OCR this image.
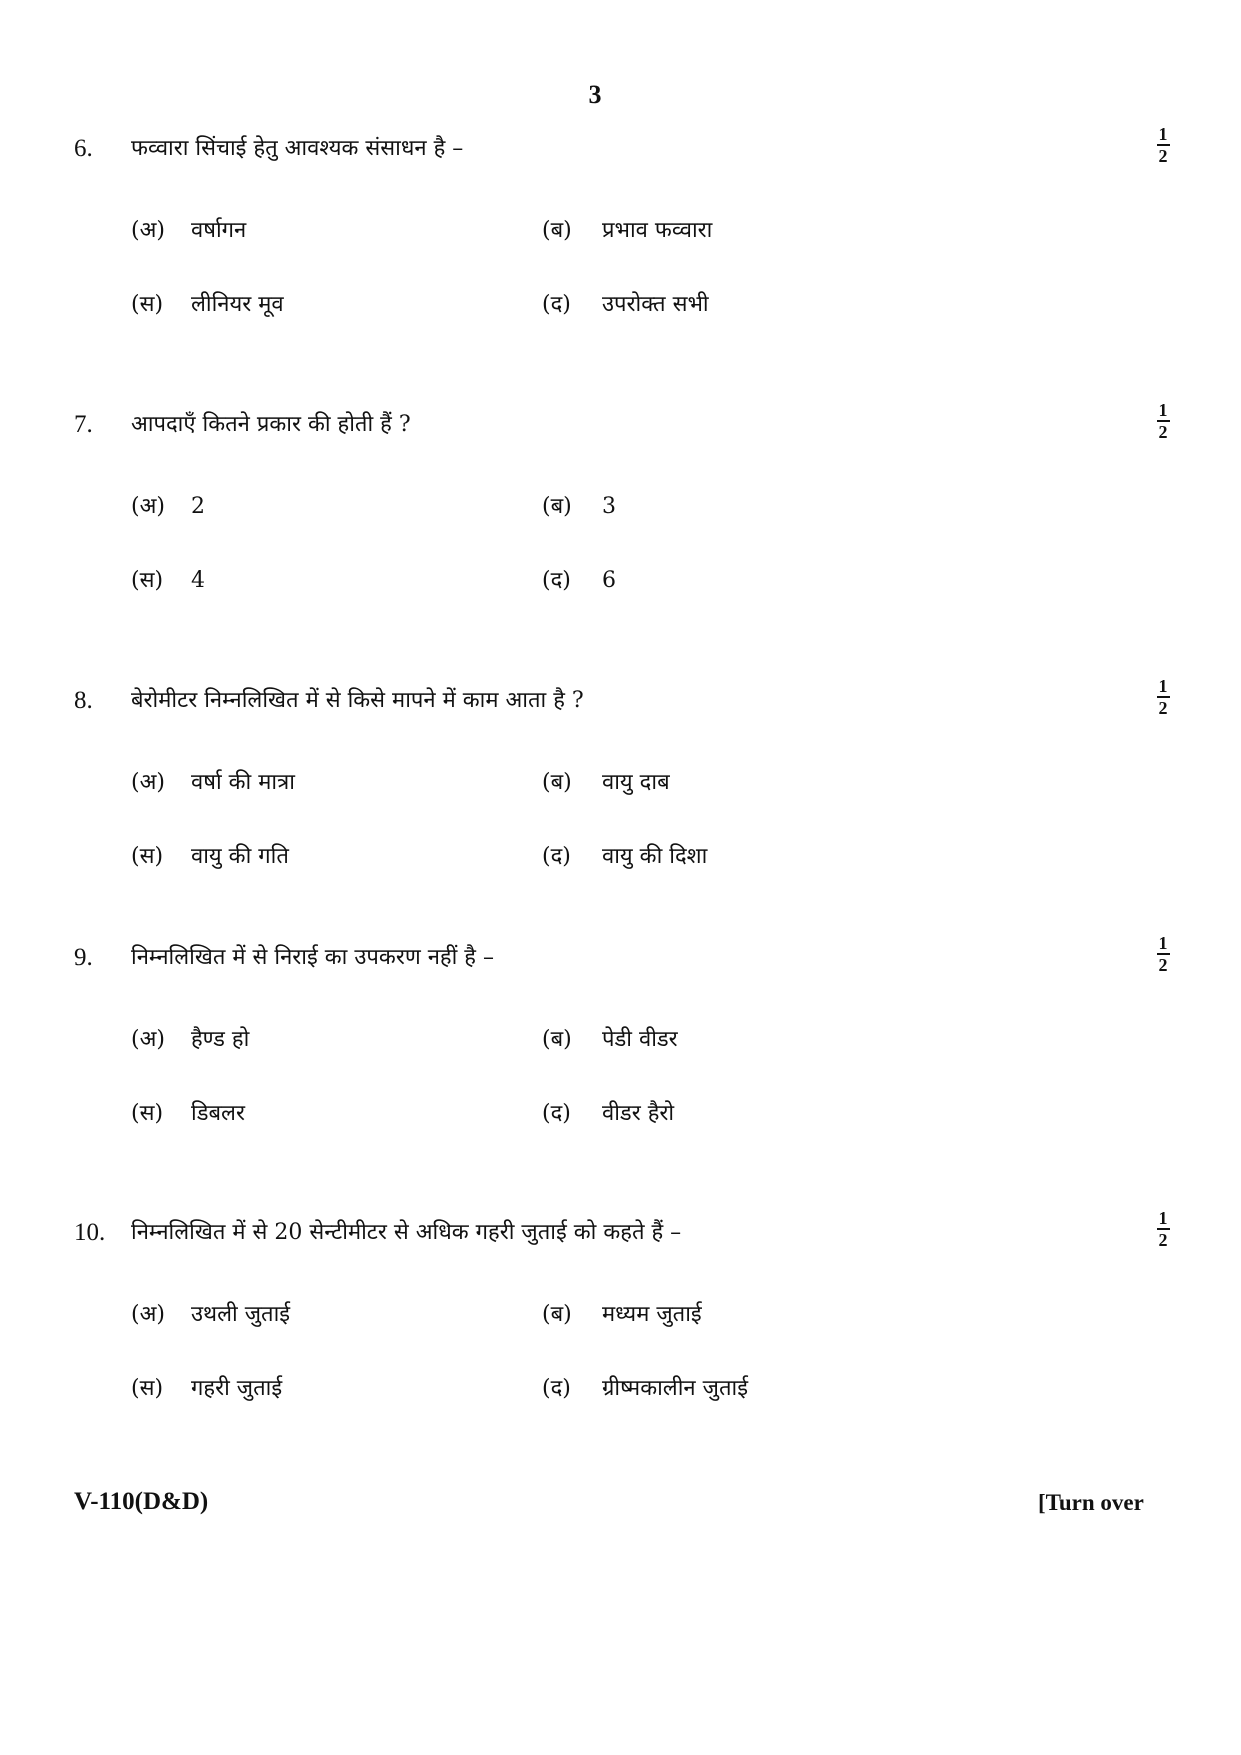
3
6. फव्वारा सिंचाई हेतु आवश्यक संसाधन है –
1
2
(अ) वर्षागन	(ब) प्रभाव फव्वारा
(स) लीनियर मूव	(द) उपरोक्त सभी
7. आपदाएँ कितने प्रकार की होती हैं ?
1
2
(अ) 2	(ब) 3
(स) 4	(द) 6
8. बेरोमीटर निम्नलिखित में से किसे मापने में काम आता है ?
1
2
(अ) वर्षा की मात्रा	(ब) वायु दाब
(स) वायु की गति	(द) वायु की दिशा
9. निम्नलिखित में से निराई का उपकरण नहीं है –
1
2
(अ) हैण्ड हो	(ब) पेडी वीडर
(स) डिबलर	(द) वीडर हैरो
10. निम्नलिखित में से 20 सेन्टीमीटर से अधिक गहरी जुताई को कहते हैं –
1
2
(अ) उथली जुताई	(ब) मध्यम जुताई
(स) गहरी जुताई	(द) ग्रीष्मकालीन जुताई
V-110(D&D)	[Turn over
